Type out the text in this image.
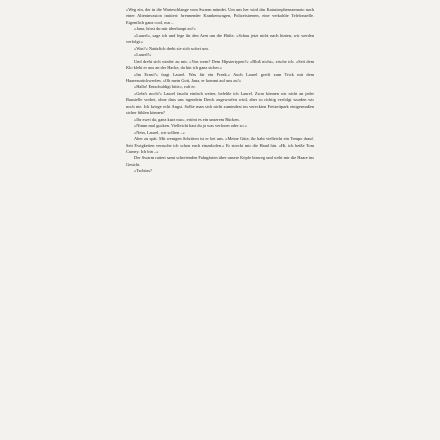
»Weg ein, der in die Warteschlange vom Swarm mündet. Um uns her wird das Katastrophenszenario nach einer Alieninvasion imitiert: brennender Krankenwagen, Polizeisirenen, eine verkohlte Telefonzelle. Eigentlich ganz cool, nur –

»Jana, hörst du mir überhaupt zu?«

»Laurel«, sage ich und lege ihr den Arm um die Hüfte. »Schau jetzt nicht nach hinten, wir werden verfolgt.«

»Was?« Natürlich dreht sie sich sofort um.

»Laurel!«

Und dreht sich wieder zu mir. »Von wem? Dem Hipstertypen?« »Bloß nicht«, zische ich. »Seit dem Klo klebt er uns an der Hacke, da bin ich ganz sicher.«

»Im Ernst?« fragt Laurel. Was für ein Freak.« Auch Laurel greift zum Trick mit dem Haarezurückwerfen. »Oh mein Gott, Jana, er kommt auf uns zu!«

»Hallo! Entschuldigt bitte«, ruft er.

»Geht's noch?« Laurel faucht einfach weiter, befehle ich Laurel. Zwar können wir nicht an jeder Baustelle vorbei, ohne dass uns irgendein Dreck zugeworfen wird, aber so richtig verfolgt wurden wir noch nie. Ich kriege echt Angst. Sollte man sich nicht zumindest im vereckten Freizeitpark einigermaßen sicher fühlen können?

»Ihr zwei da, ganz kurz nur«, ertönt es ein unserem Rücken.

»Nimm mal gucken. Vielleicht hast du ja was verloren oder so.«

»Nein, Laurel, wir sollten –«

Aber zu spät. Mit wenigen Schritten ist er bei uns. »Meine Güte, ihr habt vielleicht ein Tempo drauf. Seit Ewigkeiten versuche ich schon euch einzuholen.« Er streckt mir die Hand hin. »Hi, ich heiße Tom Carney. Ich bin –«

Der Swarm rattert samt schreienden Fahrgästen über unsere Köpfe hinweg und weht mir die Haare ins Gesicht.

»Tschüss?
